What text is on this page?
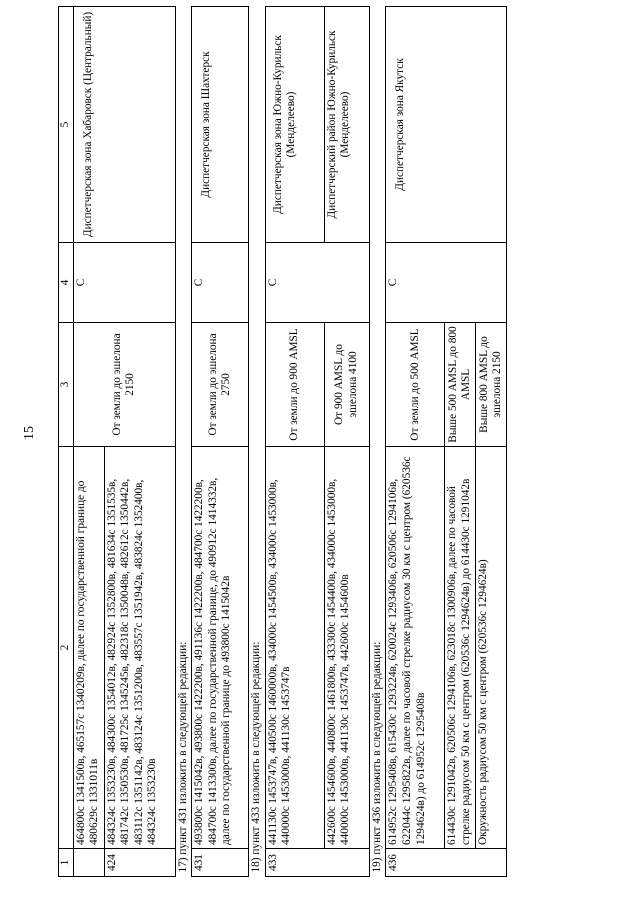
15
1	2	3	4	5
	464800с 1341500в, 465157с 1340209в, далее по государственной границе до 480629с 1331011в	От земли до эшелона 2150	C	Диспетчерская зона Хабаровск (Центральный)
424	484324с 1353230в, 484300с 1354012в, 482924с 1352800в, 481634с 1351535в, 481742с 1350530в, 481725с 1345245в, 482318с 1350048в, 482612с 1350442в, 483112с 1351142в, 483124с 1351200в, 483557с 1351942в, 483824с 1352400в, 484324с 1353230в			
17) пункт 431 изложить в следующей редакции:				
431	493800с 1415042в, 493800с 1422200в, 491136с 1422200в, 484700с 1422200в, 484700с 1413300в, далее по государственной границе, до 490912с 1414332в, далее по государственной границе до 493800с 1415042в	От земли до эшелона 2750	C	Диспетчерская зона Шахтерск
18) пункт 433 изложить в следующей редакции:				
433	441130с 1453747в, 440500с 1460000в, 434000с 1454500в, 434000с 1453000в, 440000с 1453000в, 441130с 1453747в	От земли до 900 AMSL	C	Диспетчерская зона Южно-Курильск (Менделеево)
	442600с 1454600в, 440800с 1461800в, 433300с 1454400в, 434000с 1453000в, 440000с 1453000в, 441130с 1453747в, 442600с 1454600в	От 900 AMSL до эшелона 4100		Диспетчерский район Южно-Курильск (Менделеево)
19) пункт 436 изложить в следующей редакции:				
436	614952с 1295408в, 615430с 1293224в, 620024с 1293406в, 620506с 1294106в, 622044с 1295822в, далее по часовой стрелке радиусом 30 км с центром (620536с 1294624в) до 614952с 1295408в	От земли до 500 AMSL	C	Диспетчерская зона Якутск
	614430с 1291042в, 620506с 1294106в, 623018с 1300906в, далее по часовой стрелке радиусом 50 км с центром (620536с 1294624в) до 614430с 1291042в	Выше 500 AMSL до 800 AMSL		
	Окружность радиусом 50 км с центром (620536с 1294624в)	Выше 800 AMSL до эшелона 2150		
